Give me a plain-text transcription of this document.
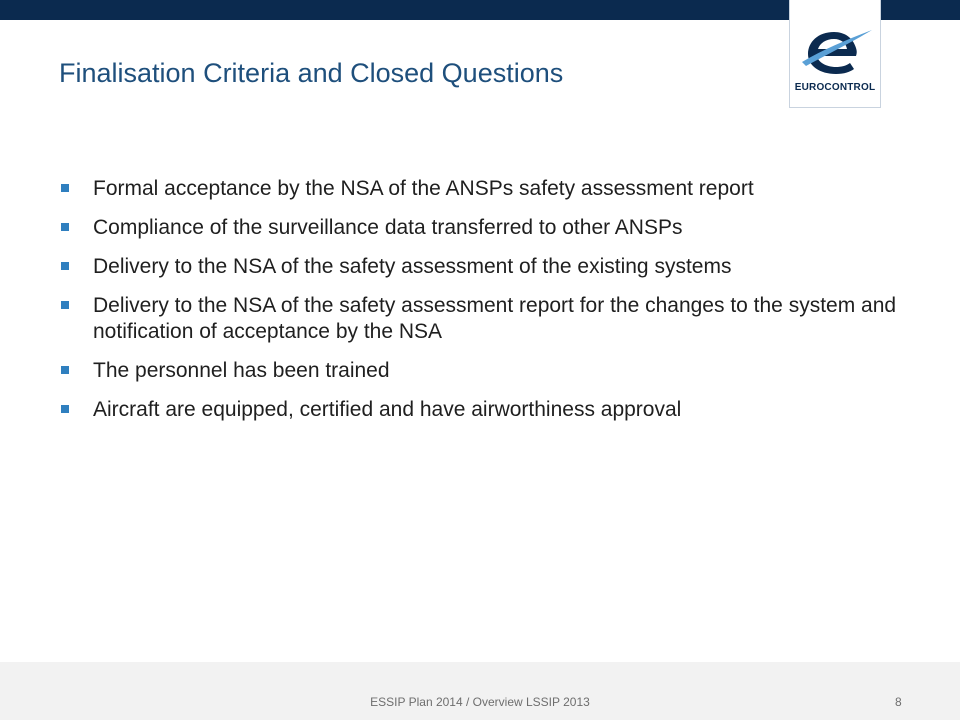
EUROCONTROL
Finalisation Criteria and Closed Questions
Formal acceptance by the NSA of the ANSPs safety assessment report
Compliance of the surveillance data transferred to other ANSPs
Delivery to the NSA of the safety assessment of the existing systems
Delivery to the NSA of the safety assessment report for the changes to the system and notification of acceptance by the NSA
The personnel has been trained
Aircraft are equipped, certified and have airworthiness approval
ESSIP Plan 2014 / Overview LSSIP 2013	8
